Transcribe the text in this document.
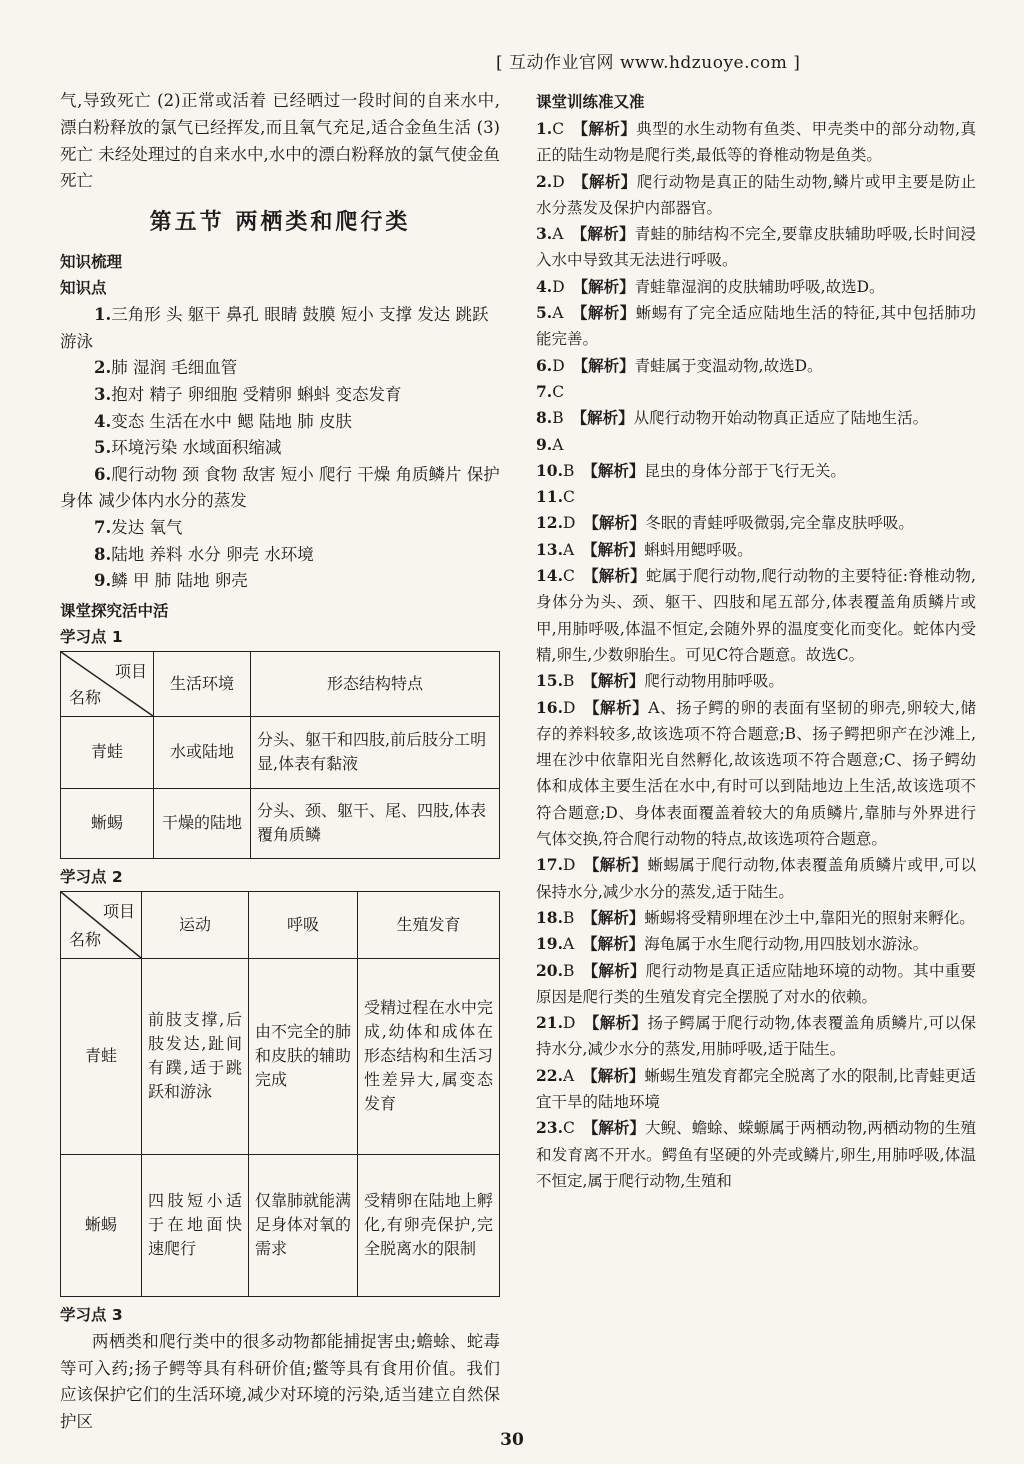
[ 互动作业官网 www.hdzuoye.com ]

气,导致死亡 (2)正常或活着 已经晒过一段时间的自来水中,漂白粉释放的氯气已经挥发,而且氧气充足,适合金鱼生活 (3)死亡 未经处理过的自来水中,水中的漂白粉释放的氯气使金鱼死亡

第五节 两栖类和爬行类
知识梳理
知识点

1.三角形 头 躯干 鼻孔 眼睛 鼓膜 短小 支撑 发达 跳跃 游泳

2.肺 湿润 毛细血管

3.抱对 精子 卵细胞 受精卵 蝌蚪 变态发育

4.变态 生活在水中 鳃 陆地 肺 皮肤

5.环境污染 水域面积缩减

6.爬行动物 颈 食物 敌害 短小 爬行 干燥 角质鳞片 保护身体 减少体内水分的蒸发

7.发达 氧气

8.陆地 养料 水分 卵壳 水环境

9.鳞 甲 肺 陆地 卵壳

课堂探究活中活
学习点 1
项目
名称	生活环境	形态结构特点
青蛙	水或陆地	分头、躯干和四肢,前后肢分工明显,体表有黏液
蜥蜴	干燥的陆地	分头、颈、躯干、尾、四肢,体表覆角质鳞
学习点 2
项目
名称	运动	呼吸	生殖发育
青蛙	前肢支撑,后肢发达,趾间有蹼,适于跳跃和游泳	由不完全的肺和皮肤的辅助完成	受精过程在水中完成,幼体和成体在形态结构和生活习性差异大,属变态发育
蜥蜴	四肢短小适于在地面快速爬行	仅靠肺就能满足身体对氧的需求	受精卵在陆地上孵化,有卵壳保护,完全脱离水的限制
学习点 3

两栖类和爬行类中的很多动物都能捕捉害虫;蟾蜍、蛇毒等可入药;扬子鳄等具有科研价值;鳖等具有食用价值。我们应该保护它们的生活环境,减少对环境的污染,适当建立自然保护区

课堂训练准又准

1.C 【解析】典型的水生动物有鱼类、甲壳类中的部分动物,真正的陆生动物是爬行类,最低等的脊椎动物是鱼类。

2.D 【解析】爬行动物是真正的陆生动物,鳞片或甲主要是防止水分蒸发及保护内部器官。

3.A 【解析】青蛙的肺结构不完全,要靠皮肤辅助呼吸,长时间浸入水中导致其无法进行呼吸。

4.D 【解析】青蛙靠湿润的皮肤辅助呼吸,故选D。

5.A 【解析】蜥蜴有了完全适应陆地生活的特征,其中包括肺功能完善。

6.D 【解析】青蛙属于变温动物,故选D。

7.C

8.B 【解析】从爬行动物开始动物真正适应了陆地生活。

9.A

10.B 【解析】昆虫的身体分部于飞行无关。

11.C

12.D 【解析】冬眠的青蛙呼吸微弱,完全靠皮肤呼吸。

13.A 【解析】蝌蚪用鳃呼吸。

14.C 【解析】蛇属于爬行动物,爬行动物的主要特征:脊椎动物,身体分为头、颈、躯干、四肢和尾五部分,体表覆盖角质鳞片或甲,用肺呼吸,体温不恒定,会随外界的温度变化而变化。蛇体内受精,卵生,少数卵胎生。可见C符合题意。故选C。

15.B 【解析】爬行动物用肺呼吸。

16.D 【解析】A、扬子鳄的卵的表面有坚韧的卵壳,卵较大,储存的养料较多,故该选项不符合题意;B、扬子鳄把卵产在沙滩上,埋在沙中依靠阳光自然孵化,故该选项不符合题意;C、扬子鳄幼体和成体主要生活在水中,有时可以到陆地边上生活,故该选项不符合题意;D、身体表面覆盖着较大的角质鳞片,靠肺与外界进行气体交换,符合爬行动物的特点,故该选项符合题意。

17.D 【解析】蜥蜴属于爬行动物,体表覆盖角质鳞片或甲,可以保持水分,减少水分的蒸发,适于陆生。

18.B 【解析】蜥蜴将受精卵埋在沙土中,靠阳光的照射来孵化。

19.A 【解析】海龟属于水生爬行动物,用四肢划水游泳。

20.B 【解析】爬行动物是真正适应陆地环境的动物。其中重要原因是爬行类的生殖发育完全摆脱了对水的依赖。

21.D 【解析】扬子鳄属于爬行动物,体表覆盖角质鳞片,可以保持水分,减少水分的蒸发,用肺呼吸,适于陆生。

22.A 【解析】蜥蜴生殖发育都完全脱离了水的限制,比青蛙更适宜干旱的陆地环境

23.C 【解析】大鲵、蟾蜍、蝾螈属于两栖动物,两栖动物的生殖和发育离不开水。鳄鱼有坚硬的外壳或鳞片,卵生,用肺呼吸,体温不恒定,属于爬行动物,生殖和

30
